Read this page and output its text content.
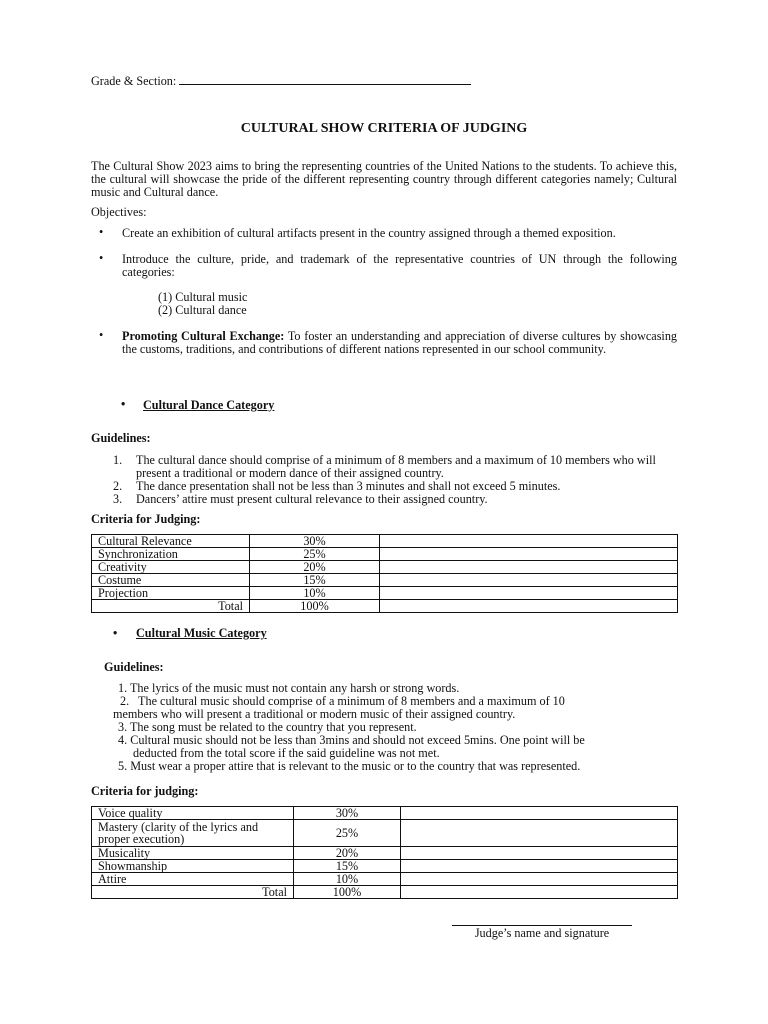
Grade & Section:
CULTURAL SHOW CRITERIA OF JUDGING
The Cultural Show 2023 aims to bring the representing countries of the United Nations to the students. To achieve this, the cultural will showcase the pride of the different representing country through different categories namely; Cultural music and Cultural dance.
Objectives:
• Create an exhibition of cultural artifacts present in the country assigned through a themed exposition.
• Introduce the culture, pride, and trademark of the representative countries of UN through the following categories:
(1) Cultural music
(2) Cultural dance
• Promoting Cultural Exchange: To foster an understanding and appreciation of diverse cultures by showcasing the customs, traditions, and contributions of different nations represented in our school community.
• Cultural Dance Category
Guidelines:
1. The cultural dance should comprise of a minimum of 8 members and a maximum of 10 members who will present a traditional or modern dance of their assigned country.
2. The dance presentation shall not be less than 3 minutes and shall not exceed 5 minutes.
3. Dancers’ attire must present cultural relevance to their assigned country.
Criteria for Judging:
Cultural Relevance	30%	
Synchronization	25%	
Creativity	20%	
Costume	15%	
Projection	10%	
Total	100%	
• Cultural Music Category
Guidelines:
1. The lyrics of the music must not contain any harsh or strong words.
2.   The cultural music should comprise of a minimum of 8 members and a maximum of 10
members who will present a traditional or modern music of their assigned country.
3. The song must be related to the country that you represent.
4. Cultural music should not be less than 3mins and should not exceed 5mins. One point will be
deducted from the total score if the said guideline was not met.
5. Must wear a proper attire that is relevant to the music or to the country that was represented.
Criteria for judging:
Voice quality	30%	
Mastery (clarity of the lyrics and proper execution)	25%	
Musicality	20%	
Showmanship	15%	
Attire	10%	
Total	100%	
Judge’s name and signature
